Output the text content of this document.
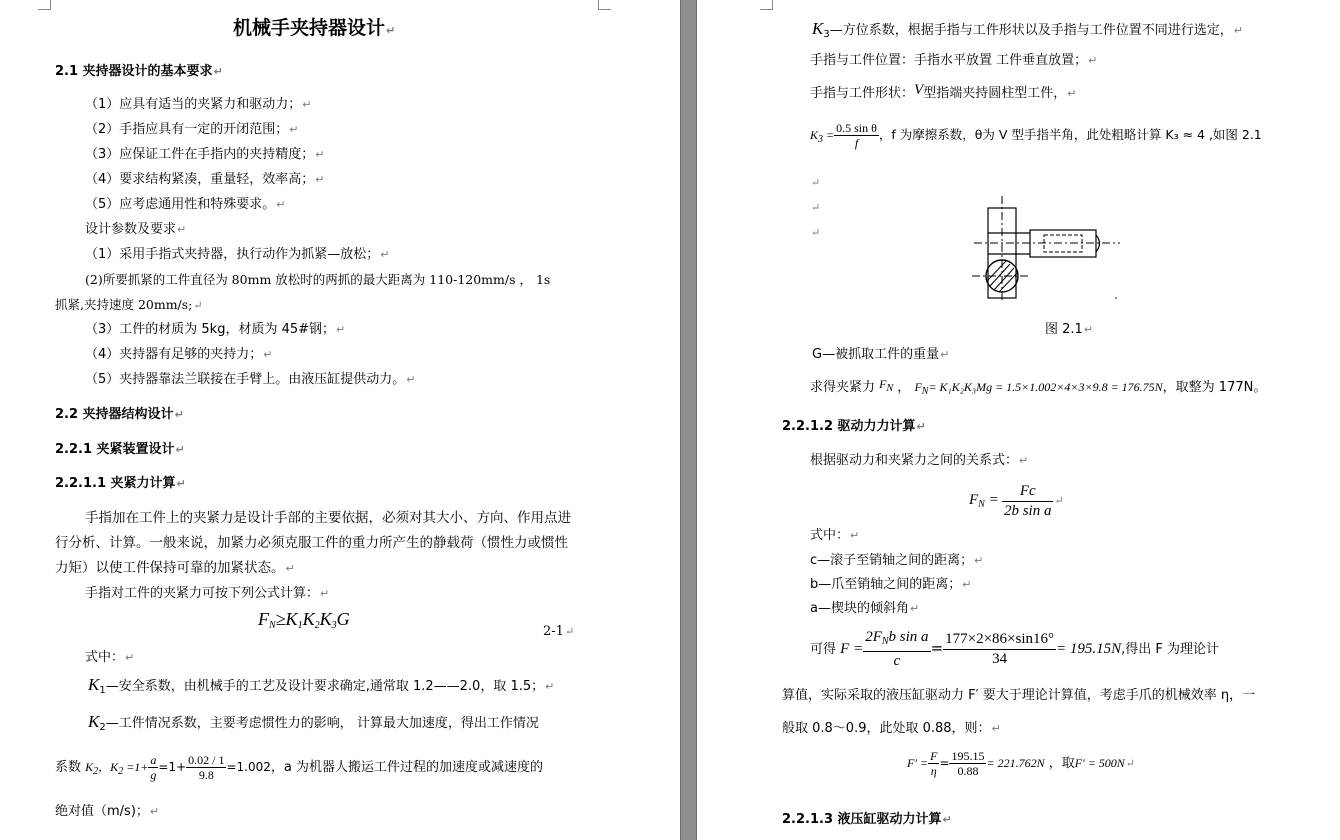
机械手夹持器设计↵
2.1 夹持器设计的基本要求↵
（1）应具有适当的夹紧力和驱动力；↵
（2）手指应具有一定的开闭范围；↵
（3）应保证工件在手指内的夹持精度；↵
（4）要求结构紧凑，重量轻，效率高；↵
（5）应考虑通用性和特殊要求。↵
设计参数及要求↵
（1）采用手指式夹持器，执行动作为抓紧—放松；↵
(2)所要抓紧的工件直径为 80mm 放松时的两抓的最大距离为 110-120mm/s ， 1s
抓紧,夹持速度 20mm/s;↵
（3）工件的材质为 5kg，材质为 45#钢；↵
（4）夹持器有足够的夹持力；↵
（5）夹持器靠法兰联接在手臂上。由液压缸提供动力。↵
2.2 夹持器结构设计↵
2.2.1 夹紧装置设计↵
2.2.1.1 夹紧力计算↵
手指加在工件上的夹紧力是设计手部的主要依据，必须对其大小、方向、作用点进
行分析、计算。一般来说，加紧力必须克服工件的重力所产生的静载荷（惯性力或惯性
力矩）以使工件保持可靠的加紧状态。↵
手指对工件的夹紧力可按下列公式计算：↵
$F_N\ge K_1K_2K_3G$
2-1↵
式中：↵
$K_1—$安全系数，由机械手的工艺及设计要求确定,通常取 1.2——2.0，取 1.5；↵
$K_2—$工件情况系数，主要考虑惯性力的影响， 计算最大加速度，得出工作情况
系数 $K_2$，$K_2 =1+ \frac{a}{g} =1+ \frac{0.02 / 1}{9.8} =1.002$，a 为机器人搬运工件过程的加速度或减速度的
绝对值（m/s)；↵
$K_3—$方位系数，根据手指与工件形状以及手指与工件位置不同进行选定，↵
手指与工件位置：手指水平放置 工件垂直放置；↵
手指与工件形状：V型指端夹持圆柱型工件，↵
$K_3 = \frac{\text{0.5 sin θ}}{f}$ ，f 为摩擦系数，θ为 V 型手指半角，此处粗略计算 K₃ ≈ 4 ,如图 2.1
↵
↵
↵
图 2.1↵
G—被抓取工件的重量↵
求得夹紧力 $F_N$ ， $F_N= K_1K_2K_3Mg = 1.5\times 1.002\times 4\times 3\times 9.8 = 176.75N$，取整为 177N。
2.2.1.2 驱动力力计算↵
根据驱动力和夹紧力之间的关系式：↵
$F_N = \frac{Fc}{\text{2b sin a}}$ ↵
式中：↵
c—滚子至销轴之间的距离；↵
b—爪至销轴之间的距离；↵
a—楔块的倾斜角↵
可得 $F = \frac{2F_Nb \sin a}{c} = \frac{177\times 2\times 86\times\sin 16^\circ}{34} = 195.15N$,得出 F 为理论计
算值，实际采取的液压缸驱动力 F′ 要大于理论计算值，考虑手爪的机械效率 η，一
般取 0.8～0.9，此处取 0.88，则：↵
$F' = \frac{F}{\eta} = \frac{195.15}{0.88} = 221.762N$ ，取F′ = 500N↵
2.2.1.3 液压缸驱动力计算↵
